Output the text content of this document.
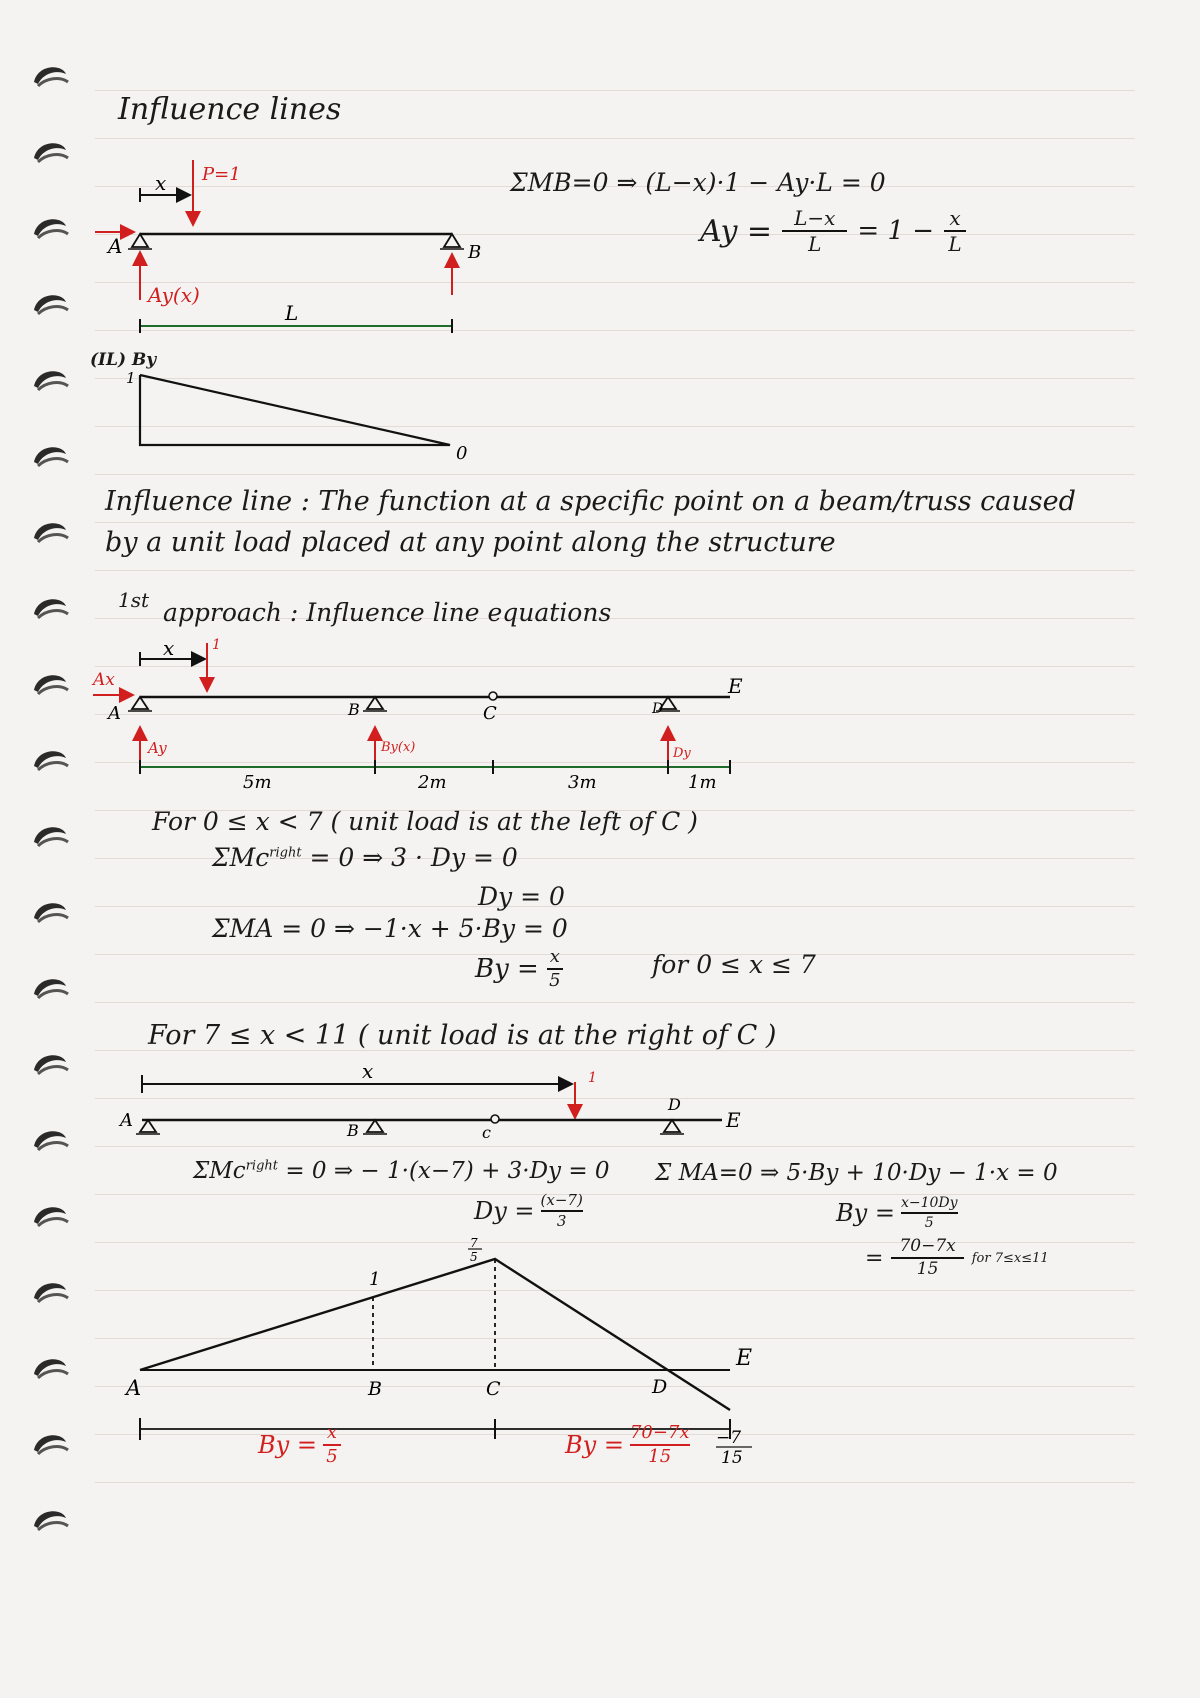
Influence lines
x P=1
A	B
Ay(x)
L
ΣMB=0 ⇒ (L−x)·1 − Ay·L = 0
Ay =	L−x
L = 1 − x
L
(IL) By
1
0
Influence line : The function at a specific point on a beam/truss caused
by a unit load placed at any point along the structure
1st approach : Influence line equations
x	1
Ax
A	B	C	D
E
Ay	By(x)	Dy
5m	2m	3m	1m
For 0 ≤ x < 7 ( unit load is at the left of C )
ΣMc$^{right}$ = 0 ⇒ 3 · Dy = 0
Dy = 0
ΣMA = 0 ⇒ −1·x + 5·By = 0
By = x
5
for 0 ≤ x ≤ 7
For 7 ≤ x < 11 ( unit load is at the right of C )
x	1
A	B	c
D
E
ΣMc$^{right}$ = 0 ⇒ − 1·(x−7) + 3·Dy = 0
Dy = (x−7)
3
Σ MA=0 ⇒ 5·By + 10·Dy − 1·x = 0
By = x−10Dy
5
= 70−7x
15
for 7≤x≤11
1
7
5
A	B	C	D
E
−7
15
By = x
5	By = 70−7x
15
